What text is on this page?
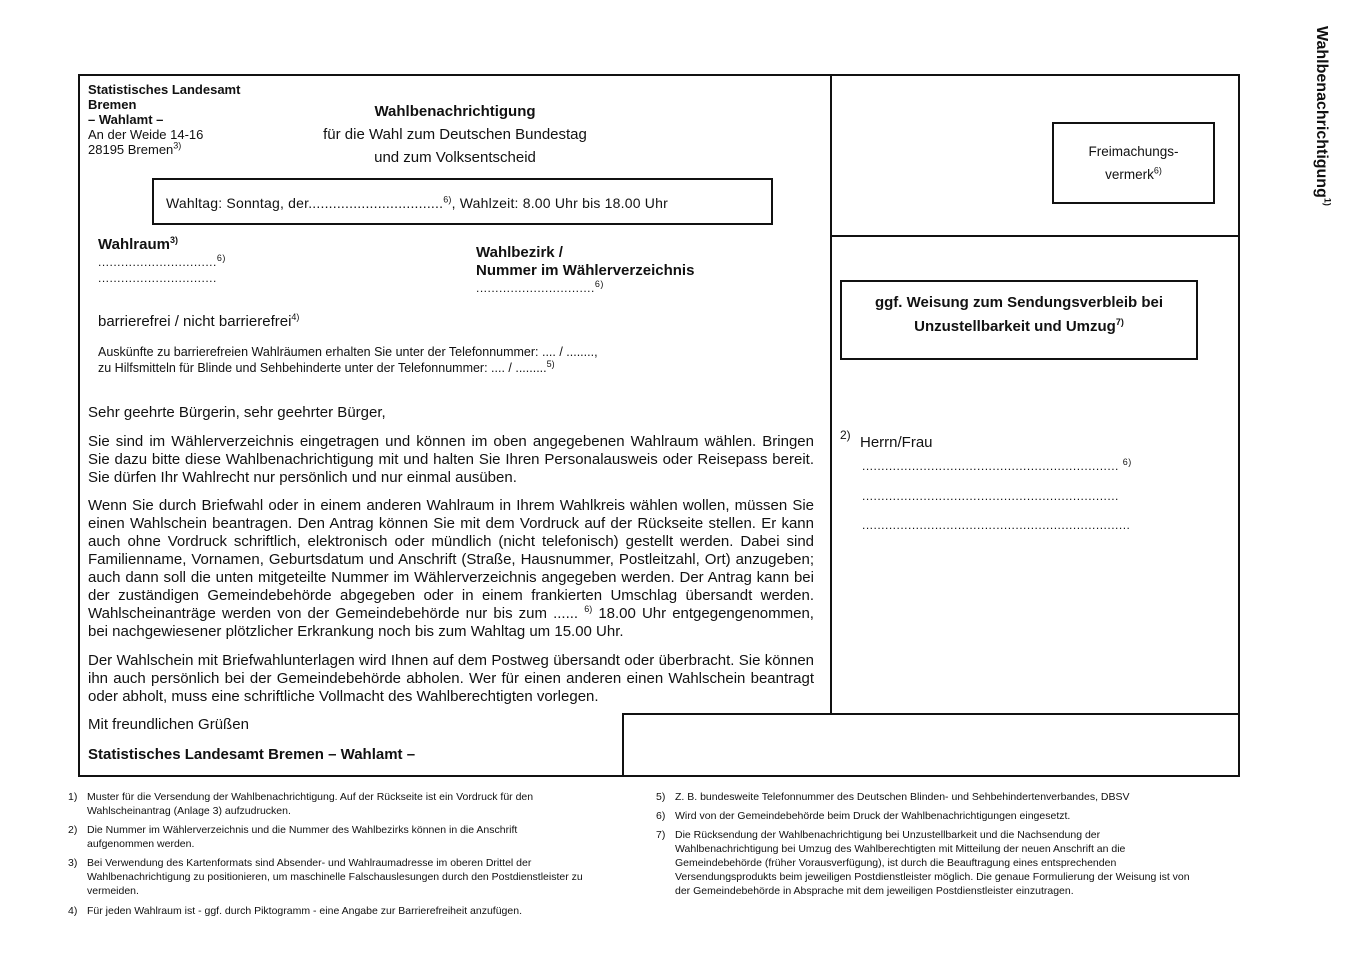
Statistisches Landesamt
Bremen
– Wahlamt –
An der Weide 14-16
28195 Bremen$^{3)}$
Wahlbenachrichtigung
für die Wahl zum Deutschen Bundestag
und zum Volksentscheid
Wahltag: Sonntag, der.................................$^{6)}$, Wahlzeit: 8.00 Uhr bis 18.00 Uhr
Wahlraum$^{3)}$
...............................$^{6)}$
...............................
Wahlbezirk /
Nummer im Wählerverzeichnis
...............................$^{6)}$
barrierefrei / nicht barrierefrei$^{4)}$
Auskünfte zu barrierefreien Wahlräumen erhalten Sie unter der Telefonnummer: .... / ........,
zu Hilfsmitteln für Blinde und Sehbehinderte unter der Telefonnummer: .... / .........$^{5)}$
Sehr geehrte Bürgerin, sehr geehrter Bürger,
Sie sind im Wählerverzeichnis eingetragen und können im oben angegebenen Wahlraum wählen. Bringen Sie dazu bitte diese Wahlbenachrichtigung mit und halten Sie Ihren Personalausweis oder Reisepass bereit. Sie dürfen Ihr Wahlrecht nur persönlich und nur einmal ausüben.
Wenn Sie durch Briefwahl oder in einem anderen Wahlraum in Ihrem Wahlkreis wählen wollen, müssen Sie einen Wahlschein beantragen. Den Antrag können Sie mit dem Vordruck auf der Rückseite stellen. Er kann auch ohne Vordruck schriftlich, elektronisch oder mündlich (nicht telefonisch) gestellt werden. Dabei sind Familienname, Vornamen, Geburtsdatum und Anschrift (Straße, Hausnummer, Postleitzahl, Ort) anzugeben; auch dann soll die unten mitgeteilte Nummer im Wählerverzeichnis angegeben werden. Der Antrag kann bei der zuständigen Gemeindebehörde abgegeben oder in einem frankierten Umschlag übersandt werden. Wahlscheinanträge werden von der Gemeindebehörde nur bis zum ...... $^{6)}$ 18.00 Uhr entgegengenommen, bei nachgewiesener plötzlicher Erkrankung noch bis zum Wahltag um 15.00 Uhr.
Der Wahlschein mit Briefwahlunterlagen wird Ihnen auf dem Postweg übersandt oder überbracht. Sie können ihn auch persönlich bei der Gemeindebehörde abholen. Wer für einen anderen einen Wahlschein beantragt oder abholt, muss eine schriftliche Vollmacht des Wahlberechtigten vorlegen.
Mit freundlichen Grüßen
Statistisches Landesamt Bremen – Wahlamt –
Freimachungs-
vermerk$^{6)}$
ggf. Weisung zum Sendungsverbleib bei
Unzustellbarkeit und Umzug$^{7)}$
2) Herrn/Frau
................................................................... $^{6)}$
...................................................................
......................................................................
Wahlbenachrichtigung$^{1)}$
1) Muster für die Versendung der Wahlbenachrichtigung. Auf der Rückseite ist ein Vordruck für den Wahlscheinantrag (Anlage 3) aufzudrucken.
2) Die Nummer im Wählerverzeichnis und die Nummer des Wahlbezirks können in die Anschrift aufgenommen werden.
3) Bei Verwendung des Kartenformats sind Absender- und Wahlraumadresse im oberen Drittel der Wahlbenachrichtigung zu positionieren, um maschinelle Falschauslesungen durch den Postdienstleister zu vermeiden.
4) Für jeden Wahlraum ist - ggf. durch Piktogramm - eine Angabe zur Barrierefreiheit anzufügen.
5) Z. B. bundesweite Telefonnummer des Deutschen Blinden- und Sehbehindertenverbandes, DBSV
6) Wird von der Gemeindebehörde beim Druck der Wahlbenachrichtigungen eingesetzt.
7) Die Rücksendung der Wahlbenachrichtigung bei Unzustellbarkeit und die Nachsendung der Wahlbenachrichtigung bei Umzug des Wahlberechtigten mit Mitteilung der neuen Anschrift an die Gemeindebehörde (früher Vorausverfügung), ist durch die Beauftragung eines entsprechenden Versendungsprodukts beim jeweiligen Postdienstleister möglich. Die genaue Formulierung der Weisung ist von der Gemeindebehörde in Absprache mit dem jeweiligen Postdienstleister einzutragen.
